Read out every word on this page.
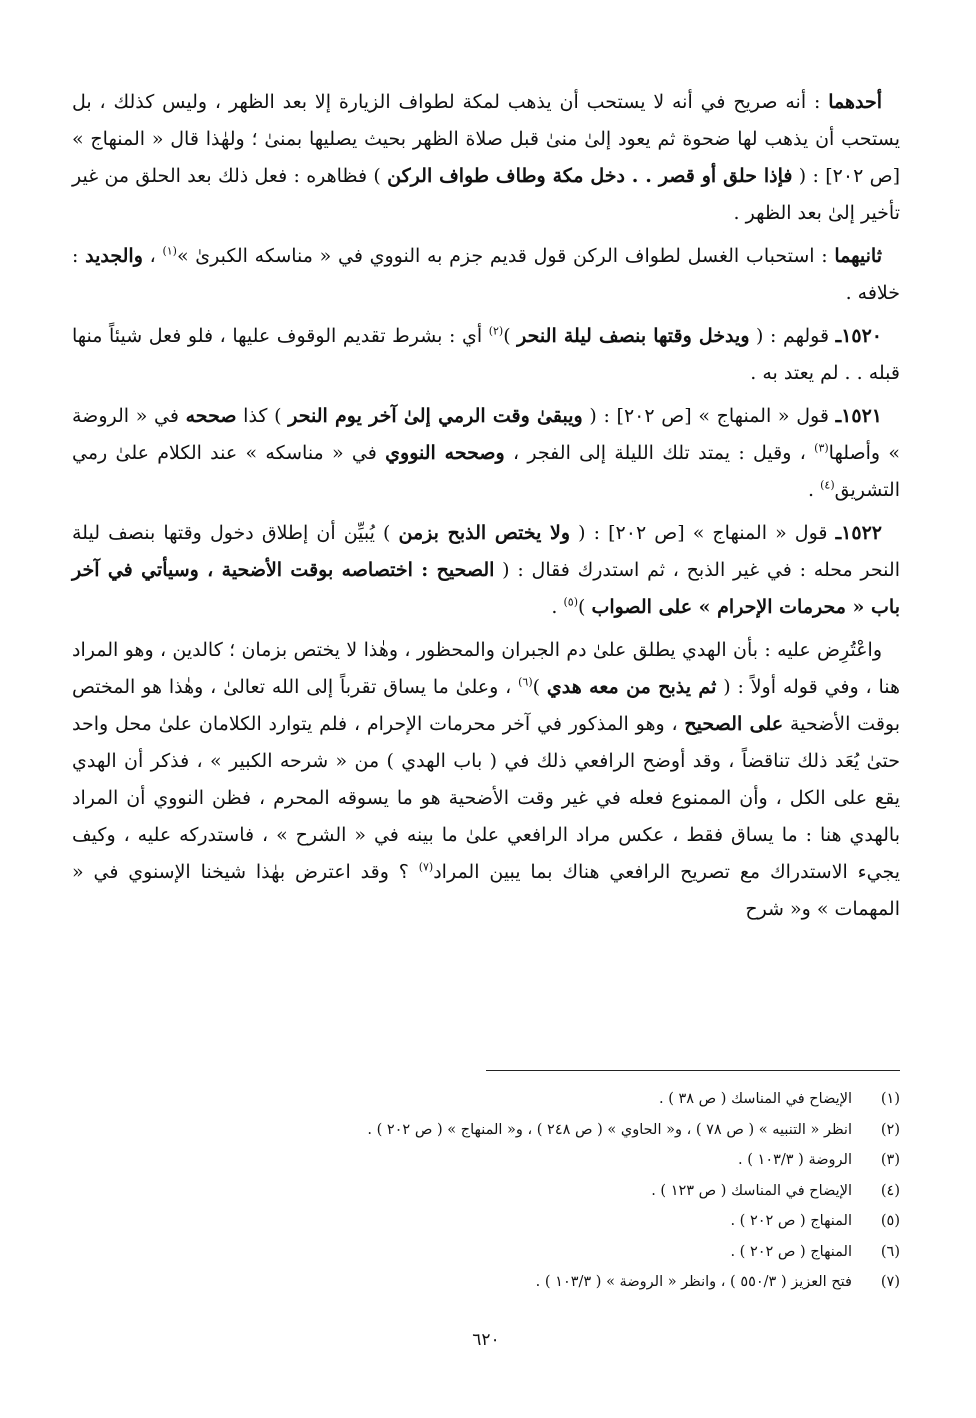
أحدهما : أنه صريح في أنه لا يستحب أن يذهب لمكة لطواف الزيارة إلا بعد الظهر ، وليس كذلك ، بل يستحب أن يذهب لها ضحوة ثم يعود إلىٰ منىٰ قبل صلاة الظهر بحيث يصليها بمنىٰ ؛ ولهٰذا قال « المنهاج » [ص ٢٠٢] : ( فإذا حلق أو قصر . . دخل مكة وطاف طواف الركن ) فظاهره : فعل ذلك بعد الحلق من غير تأخير إلىٰ بعد الظهر .

ثانيهما : استحباب الغسل لطواف الركن قول قديم جزم به النووي في « مناسكه الكبرىٰ »$^{(١)}$ ، والجديد : خلافه .

١٥٢٠ـ قولهم : ( ويدخل وقتها بنصف ليلة النحر )$^{(٢)}$ أي : بشرط تقديم الوقوف عليها ، فلو فعل شيئاً منها قبله . . لم يعتد به .

١٥٢١ـ قول « المنهاج » [ص ٢٠٢] : ( ويبقىٰ وقت الرمي إلىٰ آخر يوم النحر ) كذا صححه في « الروضة » وأصلها$^{(٣)}$ ، وقيل : يمتد تلك الليلة إلى الفجر ، وصححه النووي في « مناسكه » عند الكلام علىٰ رمي التشريق$^{(٤)}$ .

١٥٢٢ـ قول « المنهاج » [ص ٢٠٢] : ( ولا يختص الذبح بزمن ) يُبيِّن أن إطلاق دخول وقتها بنصف ليلة النحر محله : في غير الذبح ، ثم استدرك فقال : ( الصحيح : اختصاصه بوقت الأضحية ، وسيأتي في آخر باب « محرمات الإحرام » على الصواب )$^{(٥)}$ .

واعْتُرِض عليه : بأن الهدي يطلق علىٰ دم الجبران والمحظور ، وهٰذا لا يختص بزمان ؛ كالدين ، وهو المراد هنا ، وفي قوله أولاً : ( ثم يذبح من معه هدي )$^{(٦)}$ ، وعلىٰ ما يساق تقرباً إلى الله تعالىٰ ، وهٰذا هو المختص بوقت الأضحية على الصحيح ، وهو المذكور في آخر محرمات الإحرام ، فلم يتوارد الكلامان علىٰ محل واحد حتىٰ يُعَد ذلك تناقضاً ، وقد أوضح الرافعي ذلك في ( باب الهدي ) من « شرحه الكبير » ، فذكر أن الهدي يقع على الكل ، وأن الممنوع فعله في غير وقت الأضحية هو ما يسوقه المحرم ، فظن النووي أن المراد بالهدي هنا : ما يساق فقط ، عكس مراد الرافعي علىٰ ما بينه في « الشرح » ، فاستدركه عليه ، وكيف يجيء الاستدراك مع تصريح الرافعي هناك بما يبين المراد$^{(٧)}$ ؟ وقد اعترض بهٰذا شيخنا الإسنوي في « المهمات » و« شرح

(١)
الإيضاح في المناسك ( ص ٣٨ ) .
(٢)
انظر « التنبيه » ( ص ٧٨ ) ، و« الحاوي » ( ص ٢٤٨ ) ، و« المنهاج » ( ص ٢٠٢ ) .
(٣)
الروضة ( ١٠٣/٣ ) .
(٤)
الإيضاح في المناسك ( ص ١٢٣ ) .
(٥)
المنهاج ( ص ٢٠٢ ) .
(٦)
المنهاج ( ص ٢٠٢ ) .
(٧)
فتح العزيز ( ٥٥٠/٣ ) ، وانظر « الروضة » ( ١٠٣/٣ ) .
٦٢٠
